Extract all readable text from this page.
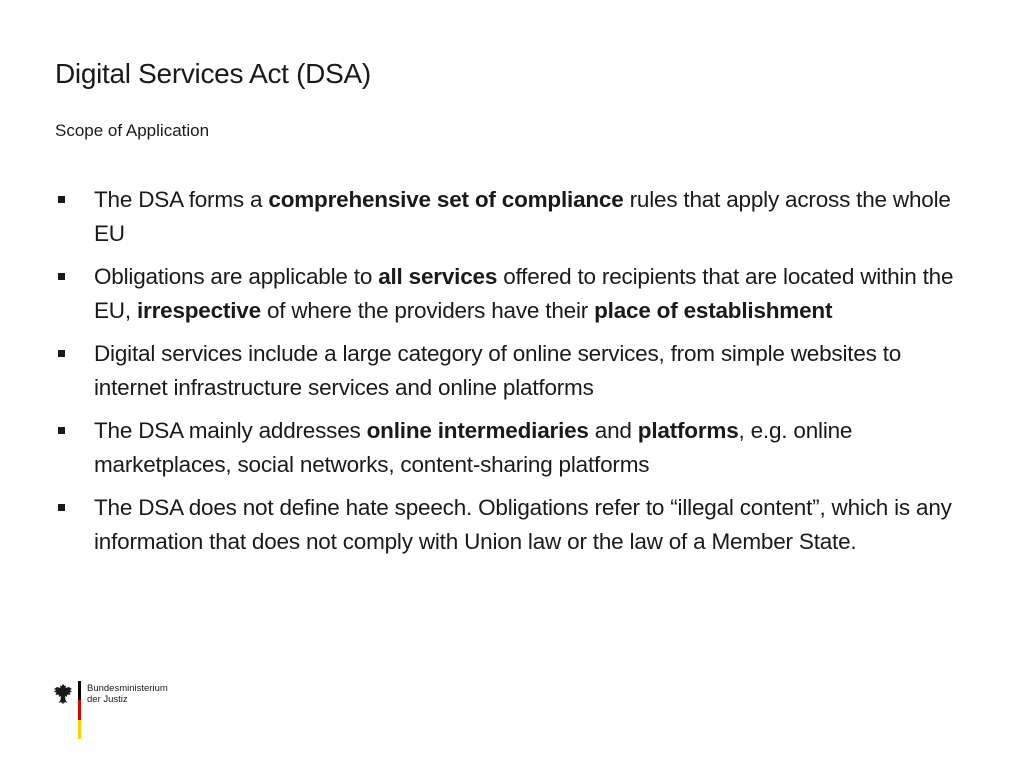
Digital Services Act (DSA)
Scope of Application
The DSA forms a comprehensive set of compliance rules that apply across the whole EU
Obligations are applicable to all services offered to recipients that are located within the EU, irrespective of where the providers have their place of establishment
Digital services include a large category of online services, from simple websites to internet infrastructure services and online platforms
The DSA mainly addresses online intermediaries and platforms, e.g. online marketplaces, social networks, content-sharing platforms
The DSA does not define hate speech. Obligations refer to “illegal content”, which is any information that does not comply with Union law or the law of a Member State.
Bundesministerium
der Justiz
